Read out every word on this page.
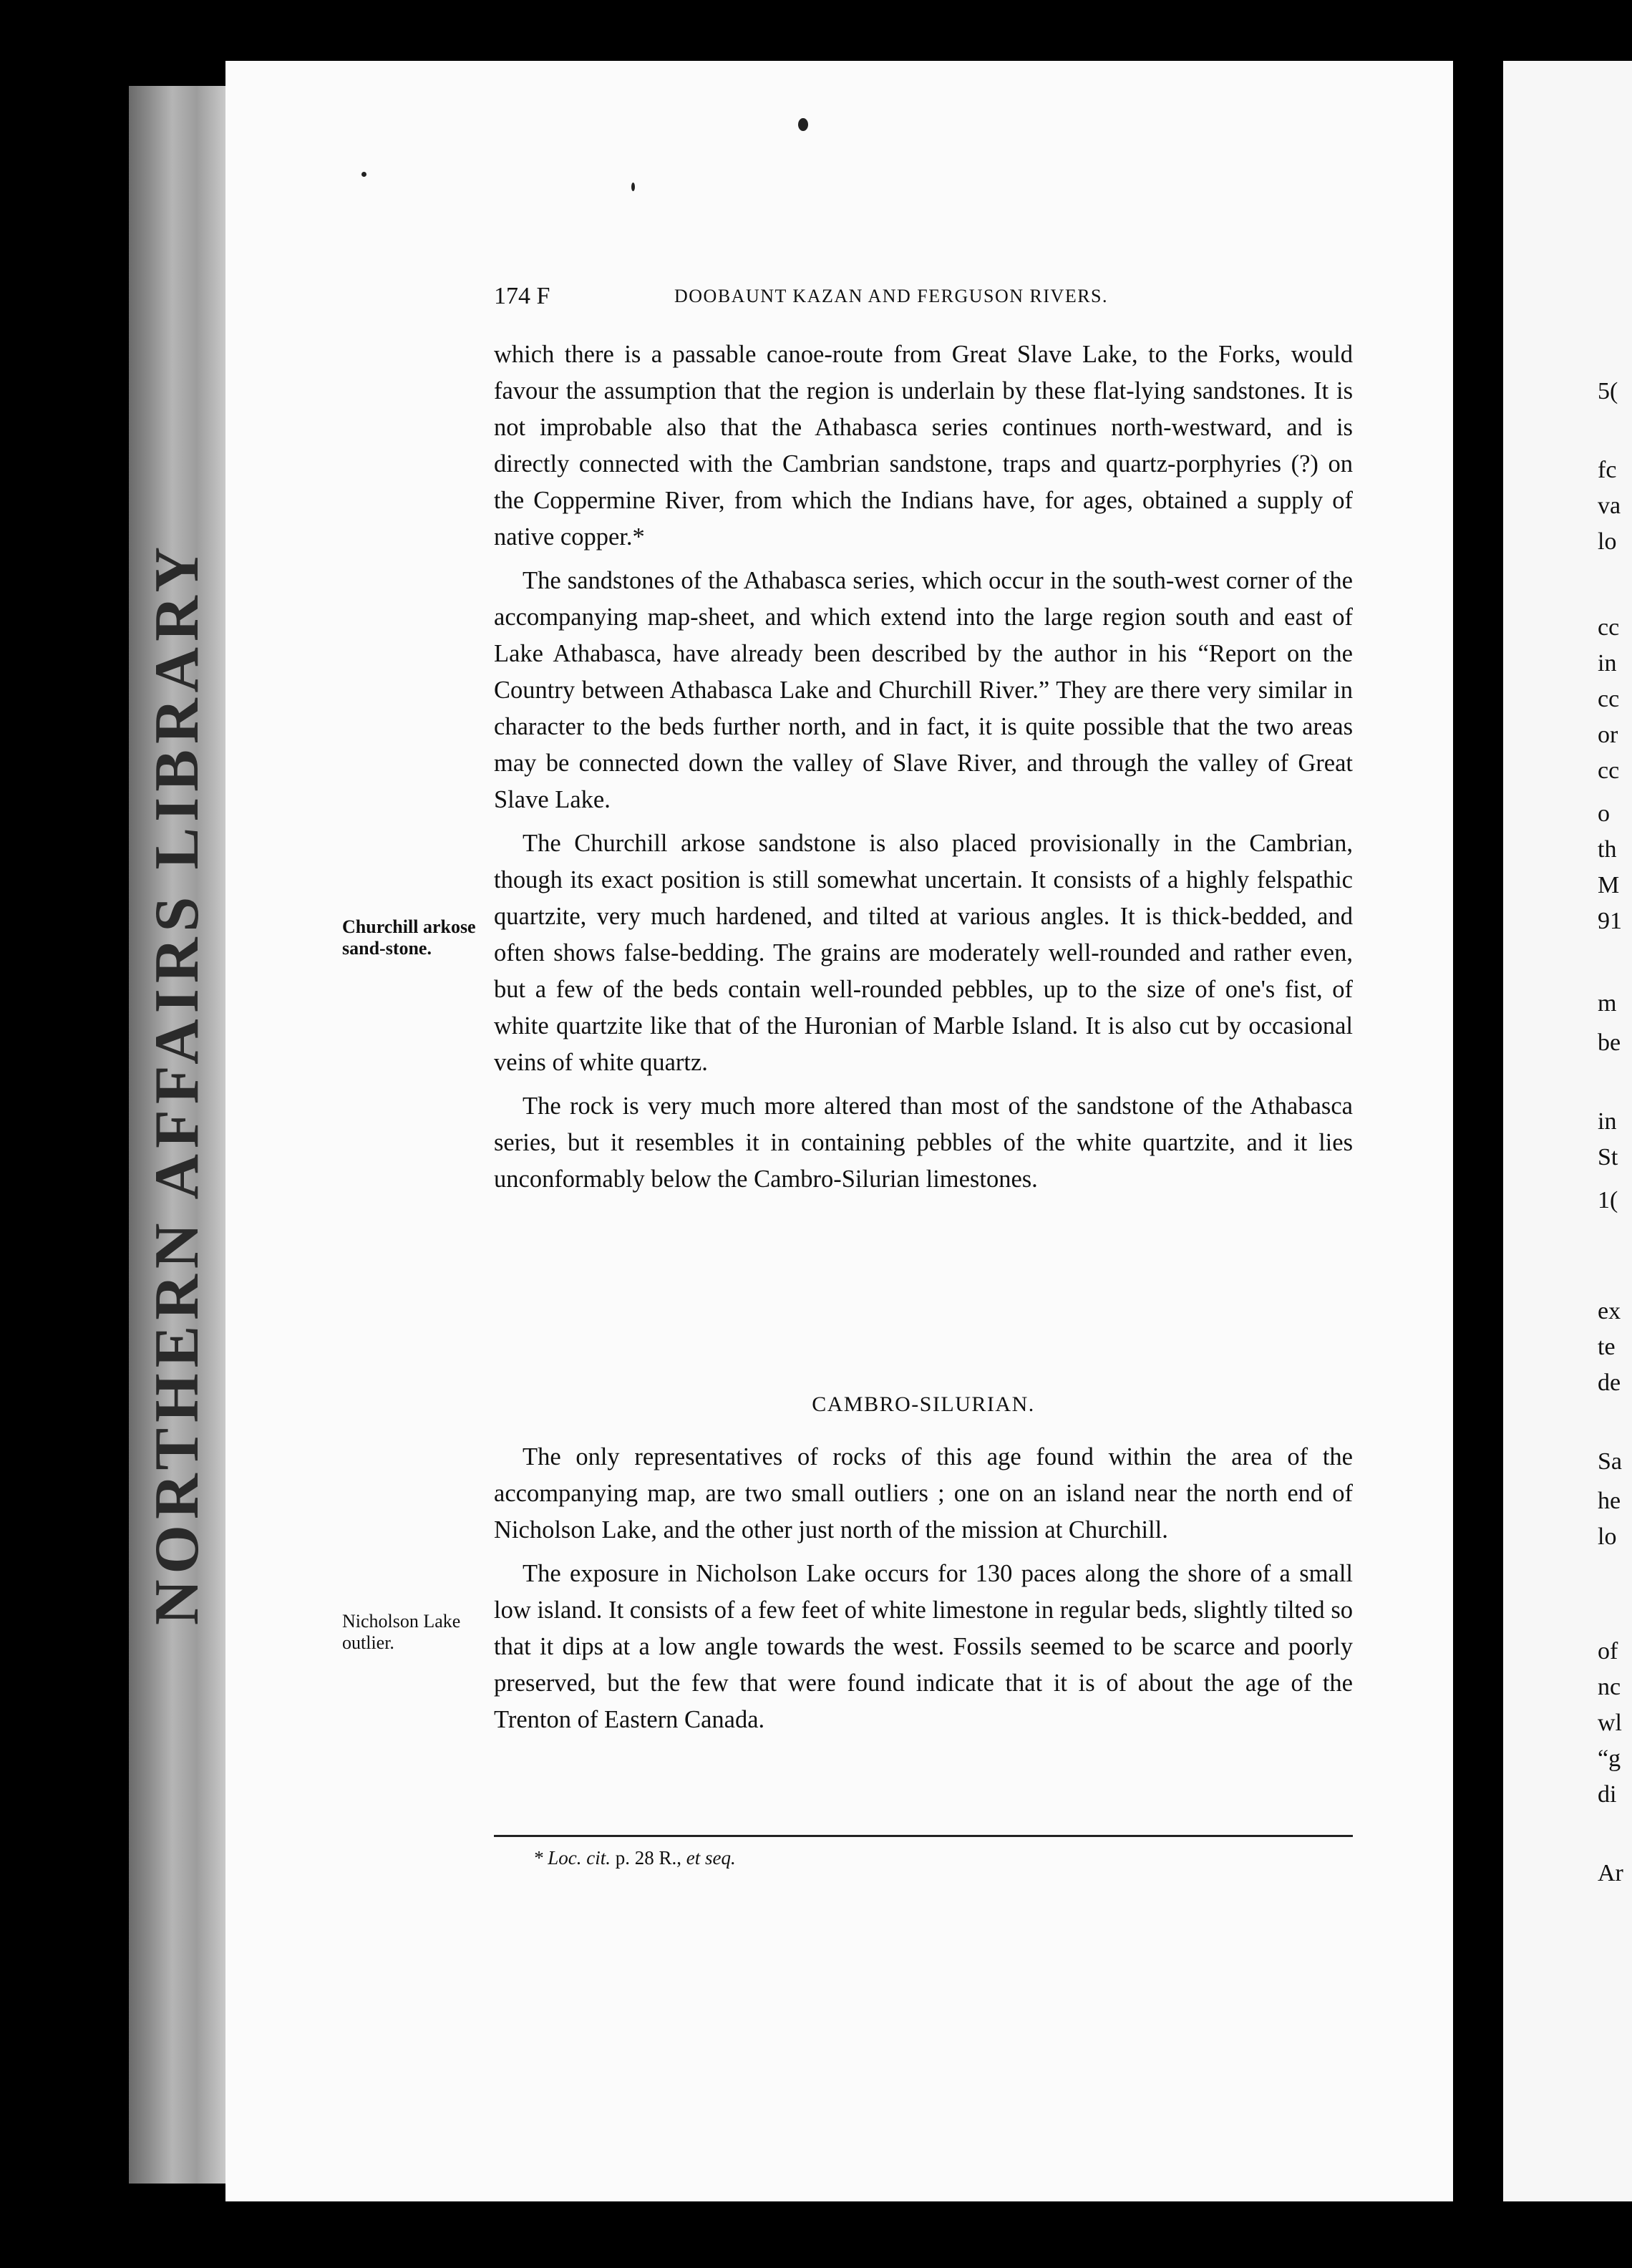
NORTHERN AFFAIRS LIBRARY
5(
fc
va
lo
cc
in
cc
or
cc
o
th
M
91
m
be
in
St
1(
ex
te
de
Sa
he
lo
of
nc
wl
“g
di
Ar
174 F	DOOBAUNT KAZAN AND FERGUSON RIVERS.

which there is a passable canoe-route from Great Slave Lake, to the Forks, would favour the assumption that the region is underlain by these flat-lying sandstones. It is not improbable also that the Athabasca series continues north-westward, and is directly connected with the Cambrian sandstone, traps and quartz-porphyries (?) on the Coppermine River, from which the Indians have, for ages, obtained a supply of native copper.*

The sandstones of the Athabasca series, which occur in the south-west corner of the accompanying map-sheet, and which extend into the large region south and east of Lake Athabasca, have already been described by the author in his “Report on the Country between Athabasca Lake and Churchill River.” They are there very similar in character to the beds further north, and in fact, it is quite possible that the two areas may be connected down the valley of Slave River, and through the valley of Great Slave Lake.

The Churchill arkose sandstone is also placed provisionally in the Cambrian, though its exact position is still somewhat uncertain. It consists of a highly felspathic quartzite, very much hardened, and tilted at various angles. It is thick-bedded, and often shows false-bedding. The grains are moderately well-rounded and rather even, but a few of the beds contain well-rounded pebbles, up to the size of one's fist, of white quartzite like that of the Huronian of Marble Island. It is also cut by occasional veins of white quartz.

The rock is very much more altered than most of the sandstone of the Athabasca series, but it resembles it in containing pebbles of the white quartzite, and it lies unconformably below the Cambro-Silurian limestones.

Churchill arkose sand-stone.
CAMBRO-SILURIAN.

The only representatives of rocks of this age found within the area of the accompanying map, are two small outliers ; one on an island near the north end of Nicholson Lake, and the other just north of the mission at Churchill.

The exposure in Nicholson Lake occurs for 130 paces along the shore of a small low island. It consists of a few feet of white limestone in regular beds, slightly tilted so that it dips at a low angle towards the west. Fossils seemed to be scarce and poorly preserved, but the few that were found indicate that it is of about the age of the Trenton of Eastern Canada.

Nicholson Lake outlier.
* Loc. cit. p. 28 R., et seq.
